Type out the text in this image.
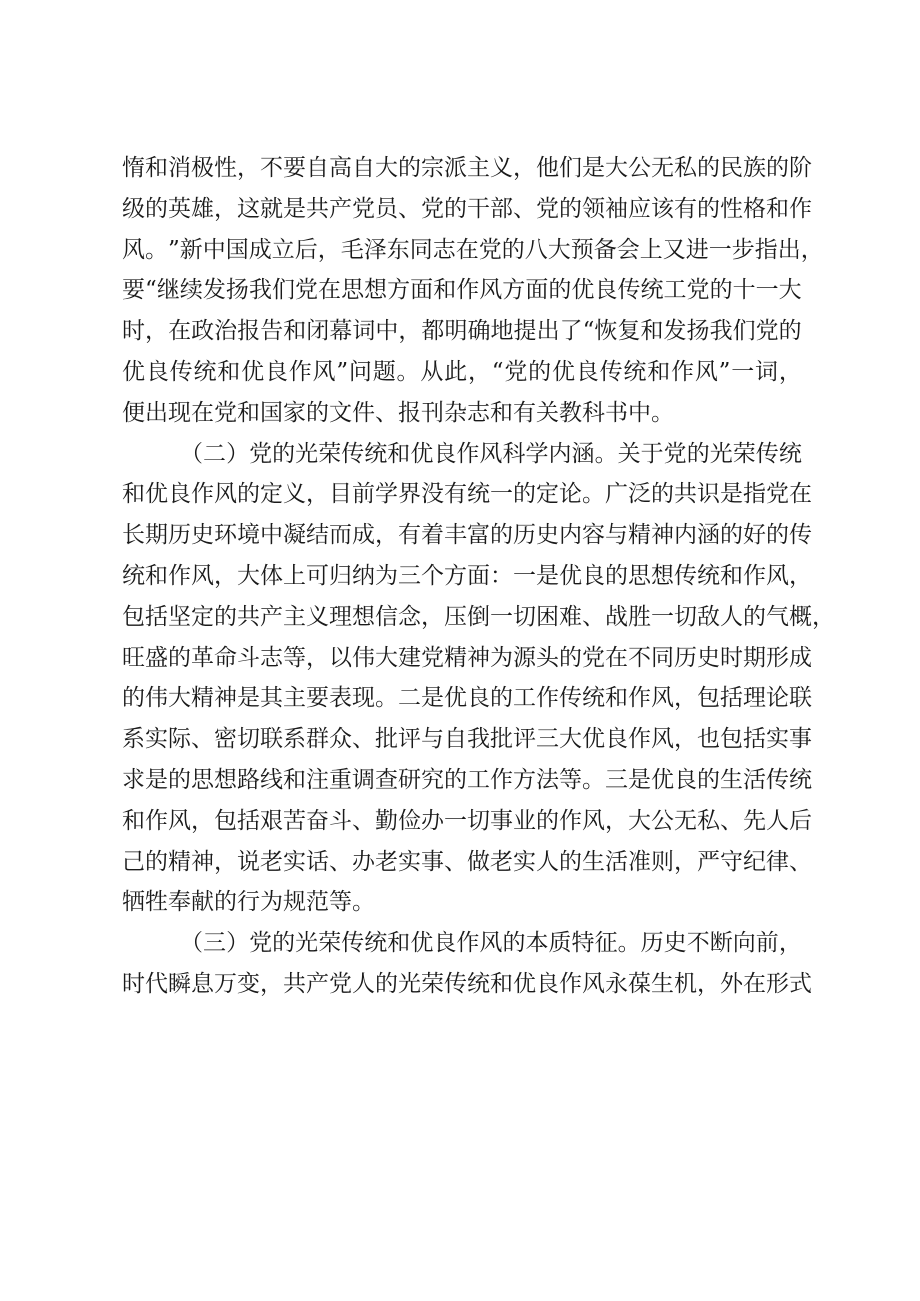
惰 和 消 极 性 ， 不 要 自 高 自 大 的 宗 派 主 义 ， 他 们 是 大 公 无 私 的 民 族 的 阶
级 的 英 雄 ， 这 就 是 共 产 党 员 、 党 的 干 部 、 党 的 领 袖 应 该 有 的 性 格 和 作
风 。 ” 新 中 国 成 立 后 ， 毛 泽 东 同 志 在 党 的 八 大 预 备 会 上 又 进 一 步 指 出 ，
要 “ 继 续 发 扬 我 们 党 在 思 想 方 面 和 作 风 方 面 的 优 良 传 统 工 党 的 十 一 大
时 ， 在 政 治 报 告 和 闭 幕 词 中 ， 都 明 确 地 提 出 了 “ 恢 复 和 发 扬 我 们 党 的
优 良 传 统 和 优 良 作 风 ” 问 题 。 从 此 ， “ 党 的 优 良 传 统 和 作 风 ” 一 词 ，
便 出 现 在 党 和 国 家 的 文 件 、 报 刊 杂 志 和 有 关 教 科 书 中 。
（ 二 ） 党 的 光 荣 传 统 和 优 良 作 风 科 学 内 涵 。 关 于 党 的 光 荣 传 统
和 优 良 作 风 的 定 义 ， 目 前 学 界 没 有 统 一 的 定 论 。 广 泛 的 共 识 是 指 党 在
长 期 历 史 环 境 中 凝 结 而 成 ， 有 着 丰 富 的 历 史 内 容 与 精 神 内 涵 的 好 的 传
统 和 作 风 ， 大 体 上 可 归 纳 为 三 个 方 面 ： 一 是 优 良 的 思 想 传 统 和 作 风 ，
包 括 坚 定 的 共 产 主 义 理 想 信 念 ， 压 倒 一 切 困 难 、 战 胜 一 切 敌 人 的 气 概 ，
旺 盛 的 革 命 斗 志 等 ， 以 伟 大 建 党 精 神 为 源 头 的 党 在 不 同 历 史 时 期 形 成
的 伟 大 精 神 是 其 主 要 表 现 。 二 是 优 良 的 工 作 传 统 和 作 风 ， 包 括 理 论 联
系 实 际 、 密 切 联 系 群 众 、 批 评 与 自 我 批 评 三 大 优 良 作 风 ， 也 包 括 实 事
求 是 的 思 想 路 线 和 注 重 调 查 研 究 的 工 作 方 法 等 。 三 是 优 良 的 生 活 传 统
和 作 风 ， 包 括 艰 苦 奋 斗 、 勤 俭 办 一 切 事 业 的 作 风 ， 大 公 无 私 、 先 人 后
己 的 精 神 ， 说 老 实 话 、 办 老 实 事 、 做 老 实 人 的 生 活 准 则 ， 严 守 纪 律 、
牺 牲 奉 献 的 行 为 规 范 等 。
（ 三 ） 党 的 光 荣 传 统 和 优 良 作 风 的 本 质 特 征 。 历 史 不 断 向 前 ，
时 代 瞬 息 万 变 ， 共 产 党 人 的 光 荣 传 统 和 优 良 作 风 永 葆 生 机 ， 外 在 形 式
